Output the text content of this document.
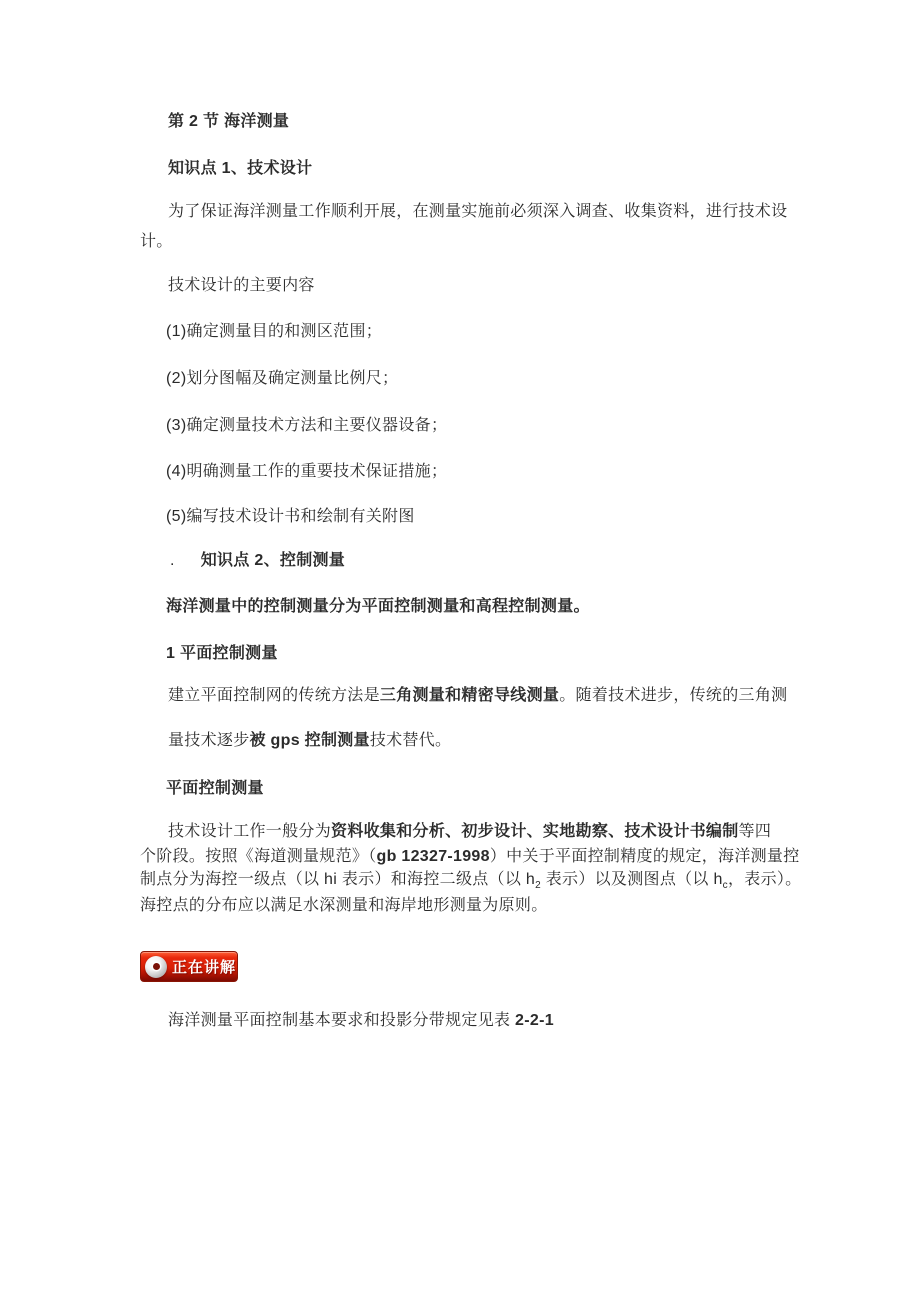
第 2 节 海洋测量
知识点 1、技术设计
为了保证海洋测量工作顺利开展，在测量实施前必须深入调查、收集资料，进行技术设
计。
技术设计的主要内容
(1)确定测量目的和测区范围；
(2)划分图幅及确定测量比例尺；
(3)确定测量技术方法和主要仪器设备；
(4)明确测量工作的重要技术保证措施；
(5)编写技术设计书和绘制有关附图
. 知识点 2、控制测量
海洋测量中的控制测量分为平面控制测量和高程控制测量。
1 平面控制测量
建立平面控制网的传统方法是三角测量和精密导线测量。随着技术进步，传统的三角测
量技术逐步被 gps 控制测量技术替代。
平面控制测量
技术设计工作一般分为资料收集和分析、初步设计、实地勘察、技术设计书编制等四
个阶段。按照《海道测量规范》（gb 12327-1998）中关于平面控制精度的规定，海洋测量控
制点分为海控一级点（以 hi 表示）和海控二级点（以 $h_2$ 表示）以及测图点（以 $h_c$，表示）。
海控点的分布应以满足水深测量和海岸地形测量为原则。
正在讲解
海洋测量平面控制基本要求和投影分带规定见表 2-2-1
